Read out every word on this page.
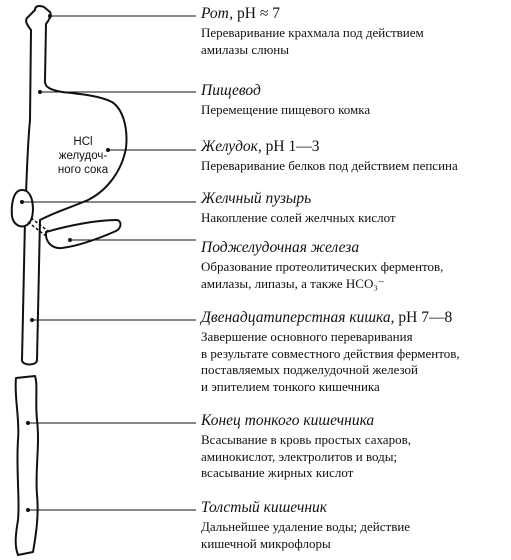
HCl
желудоч-
ного сока
Рот, pH ≈ 7
Переваривание крахмала под действием
амилазы слюны
Пищевод
Перемещение пищевого комка
Желудок, pH 1—3
Переваривание белков под действием пепсина
Желчный пузырь
Накопление солей желчных кислот
Поджелудочная железа
Образование протеолитических ферментов,
амилазы, липазы, а также HCO₃⁻
Двенадцатиперстная кишка, pH 7—8
Завершение основного переваривания
в результате совместного действия ферментов,
поставляемых поджелудочной железой
и эпителием тонкого кишечника
Конец тонкого кишечника
Всасывание в кровь простых сахаров,
аминокислот, электролитов и воды;
всасывание жирных кислот
Толстый кишечник
Дальнейшее удаление воды; действие
кишечной микрофлоры
